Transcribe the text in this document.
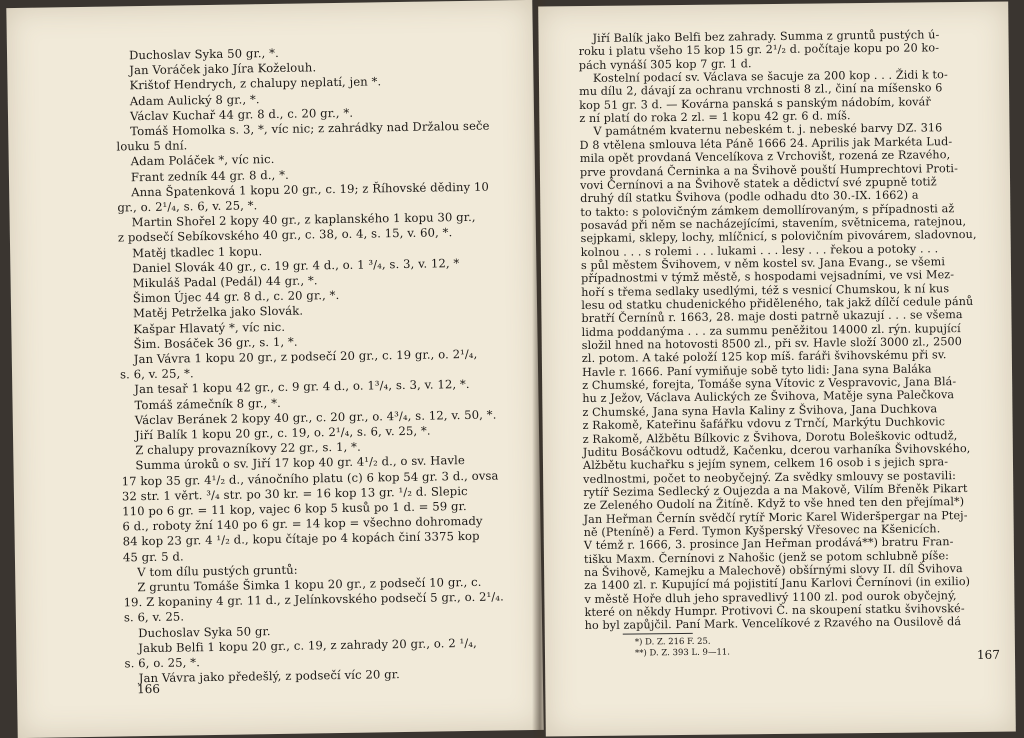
Duchoslav Syka 50 gr., *.
Jan Voráček jako Jíra Koželouh.
Krištof Hendrych, z chalupy neplatí, jen *.
Adam Aulický 8 gr., *.
Václav Kuchař 44 gr. 8 d., c. 20 gr., *.
Tomáš Homolka s. 3, *, víc nic; z zahrádky nad Držalou seče
louku 5 dní.
Adam Poláček *, víc nic.
Frant zedník 44 gr. 8 d., *.
Anna Špatenková 1 kopu 20 gr., c. 19; z Říhovské dědiny 10
gr., o. 2¹/₄, s. 6, v. 25, *.
Martin Shořel 2 kopy 40 gr., z kaplanského 1 kopu 30 gr.,
z podsečí Sebíkovského 40 gr., c. 38, o. 4, s. 15, v. 60, *.
Matěj tkadlec 1 kopu.
Daniel Slovák 40 gr., c. 19 gr. 4 d., o. 1 ³/₄, s. 3, v. 12, *
Mikuláš Padal (Pedál) 44 gr., *.
Šimon Újec 44 gr. 8 d., c. 20 gr., *.
Matěj Petrželka jako Slovák.
Kašpar Hlavatý *, víc nic.
Šim. Bosáček 36 gr., s. 1, *.
Jan Vávra 1 kopu 20 gr., z podsečí 20 gr., c. 19 gr., o. 2¹/₄,
s. 6, v. 25, *.
Jan tesař 1 kopu 42 gr., c. 9 gr. 4 d., o. 1³/₄, s. 3, v. 12, *.
Tomáš zámečník 8 gr., *.
Václav Beránek 2 kopy 40 gr., c. 20 gr., o. 4³/₄, s. 12, v. 50, *.
Jiří Balík 1 kopu 20 gr., c. 19, o. 2¹/₄, s. 6, v. 25, *.
Z chalupy provazníkovy 22 gr., s. 1, *.
Summa úroků o sv. Jiří 17 kop 40 gr. 4¹/₂ d., o sv. Havle
17 kop 35 gr. 4¹/₂ d., vánočního platu (c) 6 kop 54 gr. 3 d., ovsa
32 str. 1 věrt. ³/₄ str. po 30 kr. = 16 kop 13 gr. ¹/₂ d. Slepic
110 po 6 gr. = 11 kop, vajec 6 kop 5 kusů po 1 d. = 59 gr.
6 d., roboty žní 140 po 6 gr. = 14 kop = všechno dohromady
84 kop 23 gr. 4 ¹/₂ d., kopu čítaje po 4 kopách činí 3375 kop
45 gr. 5 d.
V tom dílu pustých gruntů:
Z gruntu Tomáše Šimka 1 kopu 20 gr., z podsečí 10 gr., c.
19. Z kopaniny 4 gr. 11 d., z Jelínkovského podsečí 5 gr., o. 2¹/₄.
s. 6, v. 25.
Duchoslav Syka 50 gr.
Jakub Belfi 1 kopu 20 gr., c. 19, z zahrady 20 gr., o. 2 ¹/₄,
s. 6, o. 25, *.
Jan Vávra jako předešlý, z podsečí víc 20 gr.
166
Jiří Balík jako Belfi bez zahrady. Summa z gruntů pustých ú-
roku i platu všeho 15 kop 15 gr. 2¹/₂ d. počítaje kopu po 20 ko-
pách vynáší 305 kop 7 gr. 1 d.
Kostelní podací sv. Václava se šacuje za 200 kop . . . Židi k to-
mu dílu 2, dávají za ochranu vrchnosti 8 zl., činí na míšensko 6
kop 51 gr. 3 d. — Kovárna panská s panským nádobím, kovář
z ní platí do roka 2 zl. = 1 kopu 42 gr. 6 d. míš.
V památném kvaternu nebeském t. j. nebeské barvy DZ. 316
D 8 vtělena smlouva léta Páně 1666 24. Aprilis jak Markéta Lud-
mila opět provdaná Vencelíkova z Vrchovišt, rozená ze Rzavého,
prve provdaná Černinka a na Švihově pouští Humprechtovi Proti-
vovi Černínovi a na Švihově statek a dědictví své zpupně totiž
druhý díl statku Švihova (podle odhadu dto 30.-IX. 1662) a
to takto: s polovičným zámkem demollírovaným, s případnosti až
posavád při něm se nacházejícími, stavením, světnicema, ratejnou,
sejpkami, sklepy, lochy, mlíčnicí, s polovičním pivovárem, sladovnou,
kolnou . . . s rolemi . . . lukami . . . lesy . . . řekou a potoky . . .
s půl městem Švihovem, v něm kostel sv. Jana Evang., se všemi
případnostmi v týmž městě, s hospodami vejsadními, ve vsi Mez-
hoří s třema sedlaky usedlými, též s vesnicí Chumskou, k ní kus
lesu od statku chudenického přiděleného, tak jakž dílčí cedule pánů
bratří Černínů r. 1663, 28. maje dosti patrně ukazují . . . se všema
lidma poddanýma . . . za summu peněžitou 14000 zl. rýn. kupující
složil hned na hotovosti 8500 zl., při sv. Havle složí 3000 zl., 2500
zl. potom. A také položí 125 kop míš. faráři švihovskému při sv.
Havle r. 1666. Paní vymiňuje sobě tyto lidi: Jana syna Baláka
z Chumské, forejta, Tomáše syna Vítovic z Vespravovic, Jana Blá-
hu z Ježov, Václava Aulických ze Švihova, Matěje syna Palečkova
z Chumské, Jana syna Havla Kaliny z Švihova, Jana Duchkova
z Rakomě, Kateřinu šafářku vdovu z Trnčí, Markýtu Duchkovic
z Rakomě, Alžbětu Bílkovic z Švihova, Dorotu Boleškovic odtudž,
Juditu Bosáčkovu odtudž, Kačenku, dcerou varhaníka Švihovského,
Alžbětu kuchařku s jejím synem, celkem 16 osob i s jejich spra-
vedlnostmi, počet to neobyčejný. Za svědky smlouvy se postavili:
rytíř Sezima Sedlecký z Oujezda a na Makově, Vilím Břeněk Pikart
ze Zeleného Oudolí na Žitíně. Když to vše hned ten den přejímal*)
Jan Heřman Černín svědčí rytíř Moric Karel Wideršpergar na Ptej-
ně (Pteníně) a Ferd. Tymon Kyšperský Vřesovec na Kšenicích.
V témž r. 1666, 3. prosince Jan Heřman prodává**) bratru Fran-
tišku Maxm. Černínovi z Nahošic (jenž se potom schlubně píše:
na Švihově, Kamejku a Malechově) obšírnými slovy II. díl Švihova
za 1400 zl. r. Kupující má pojistití Janu Karlovi Černínovi (in exilio)
v městě Hoře dluh jeho spravedlivý 1100 zl. pod ourok obyčejný,
které on někdy Humpr. Protivovi Č. na skoupení statku švihovské-
ho byl zapůjčil. Paní Mark. Vencelíkové z Rzavého na Ousilově dá
*) D. Z. 216 F. 25.
**) D. Z. 393 L. 9—11.	167
